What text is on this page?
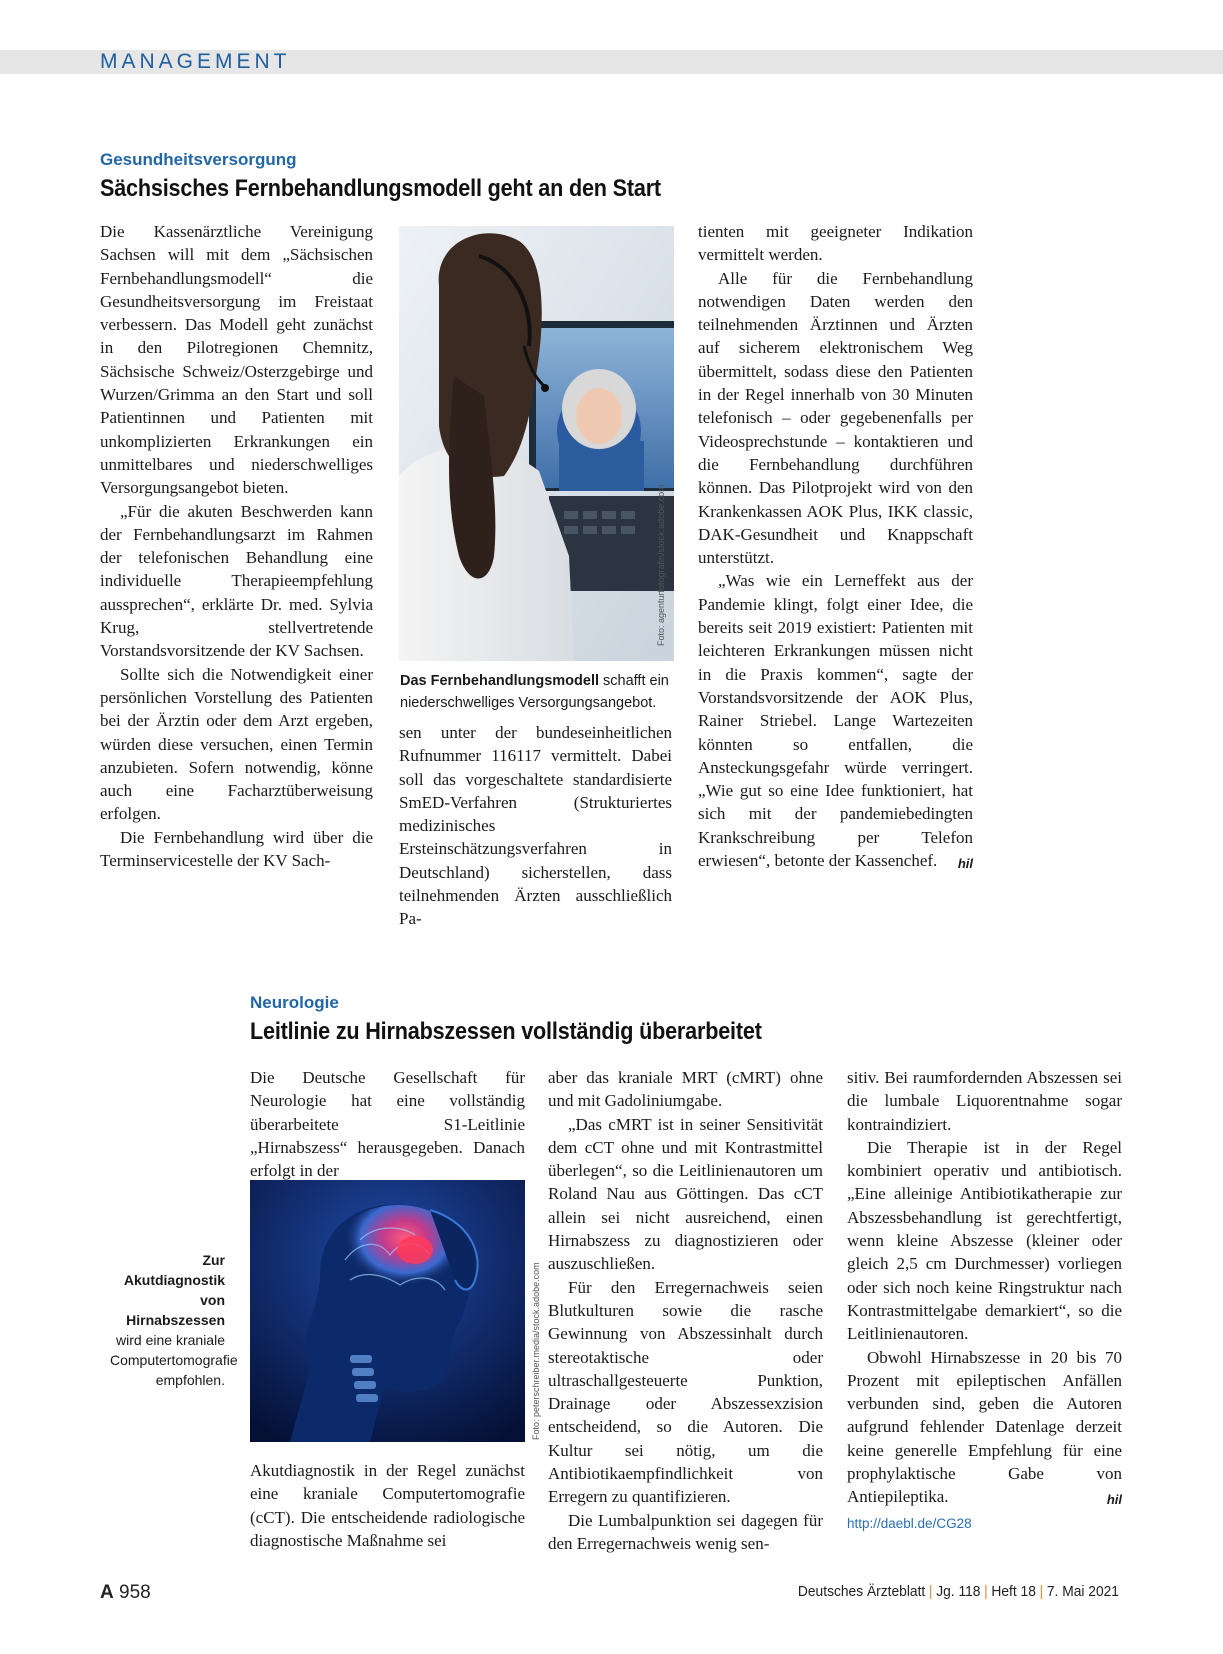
MANAGEMENT
Gesundheitsversorgung
Sächsisches Fernbehandlungsmodell geht an den Start

Die Kassenärztliche Vereinigung Sachsen will mit dem „Sächsischen Fernbehandlungsmodell“ die Gesundheitsversorgung im Freistaat verbessern. Das Modell geht zunächst in den Pilotregionen Chemnitz, Sächsische Schweiz/Osterzgebirge und Wurzen/Grimma an den Start und soll Patientinnen und Patienten mit unkomplizierten Erkrankungen ein unmittelbares und niederschwelliges Versorgungsangebot bieten.

„Für die akuten Beschwerden kann der Fernbehandlungsarzt im Rahmen der telefonischen Behandlung eine individuelle Therapieempfehlung aussprechen“, erklärte Dr. med. Sylvia Krug, stellvertretende Vorstandsvorsitzende der KV Sachsen.

Sollte sich die Notwendigkeit einer persönlichen Vorstellung des Patienten bei der Ärztin oder dem Arzt ergeben, würden diese versuchen, einen Termin anzubieten. Sofern notwendig, könne auch eine Facharztüberweisung erfolgen.

Die Fernbehandlung wird über die Terminservicestelle der KV Sach-

Foto: agenturfotografin/stock.adobe.com
Das Fernbehandlungsmodell schafft ein niederschwelliges Versorgungsangebot.

sen unter der bundeseinheitlichen Rufnummer 116117 vermittelt. Dabei soll das vorgeschaltete standardisierte SmED-Verfahren (Strukturiertes medizinisches Ersteinschätzungsverfahren in Deutschland) sicherstellen, dass teilnehmenden Ärzten ausschließlich Pa-

tienten mit geeigneter Indikation vermittelt werden.

Alle für die Fernbehandlung notwendigen Daten werden den teilnehmenden Ärztinnen und Ärzten auf sicherem elektronischem Weg übermittelt, sodass diese den Patienten in der Regel innerhalb von 30 Minuten telefonisch – oder gegebenenfalls per Videosprechstunde – kontaktieren und die Fernbehandlung durchführen können. Das Pilotprojekt wird von den Krankenkassen AOK Plus, IKK classic, DAK-Gesundheit und Knappschaft unterstützt.

„Was wie ein Lerneffekt aus der Pandemie klingt, folgt einer Idee, die bereits seit 2019 existiert: Patienten mit leichteren Erkrankungen müssen nicht in die Praxis kommen“, sagte der Vorstandsvorsitzende der AOK Plus, Rainer Striebel. Lange Wartezeiten könnten so entfallen, die Ansteckungsgefahr würde verringert. „Wie gut so eine Idee funktioniert, hat sich mit der pandemiebedingten Krankschreibung per Telefon erwiesen“, betonte der Kassenchef.	hil

Neurologie
Leitlinie zu Hirnabszessen vollständig überarbeitet

Die Deutsche Gesellschaft für Neurologie hat eine vollständig überarbeitete S1-Leitlinie „Hirnabszess“ herausgegeben. Danach erfolgt in der

Foto: peterschreiber.media/stock.adobe.com
Zur Akutdiagnostik von Hirnabszessen
wird eine kraniale Computertomografie empfohlen.

Akutdiagnostik in der Regel zunächst eine kraniale Computertomografie (cCT). Die entscheidende radiologische diagnostische Maßnahme sei

aber das kraniale MRT (cMRT) ohne und mit Gadoliniumgabe.

„Das cMRT ist in seiner Sensitivität dem cCT ohne und mit Kontrastmittel überlegen“, so die Leitlinienautoren um Roland Nau aus Göttingen. Das cCT allein sei nicht ausreichend, einen Hirnabszess zu diagnostizieren oder auszuschließen.

Für den Erregernachweis seien Blutkulturen sowie die rasche Gewinnung von Abszessinhalt durch stereotaktische oder ultraschallgesteuerte Punktion, Drainage oder Abszessexzision entscheidend, so die Autoren. Die Kultur sei nötig, um die Antibiotikaempfindlichkeit von Erregern zu quantifizieren.

Die Lumbalpunktion sei dagegen für den Erregernachweis wenig sen-

sitiv. Bei raumfordernden Abszessen sei die lumbale Liquorentnahme sogar kontraindiziert.

Die Therapie ist in der Regel kombiniert operativ und antibiotisch. „Eine alleinige Antibiotikatherapie zur Abszessbehandlung ist gerechtfertigt, wenn kleine Abszesse (kleiner oder gleich 2,5 cm Durchmesser) vorliegen oder sich noch keine Ringstruktur nach Kontrastmittelgabe demarkiert“, so die Leitlinienautoren.

Obwohl Hirnabszesse in 20 bis 70 Prozent mit epileptischen Anfällen verbunden sind, geben die Autoren aufgrund fehlender Datenlage derzeit keine generelle Empfehlung für eine prophylaktische Gabe von Antiepileptika.	hil

http://daebl.de/CG28

A 958	Deutsches Ärzteblatt | Jg. 118 | Heft 18 | 7. Mai 2021
